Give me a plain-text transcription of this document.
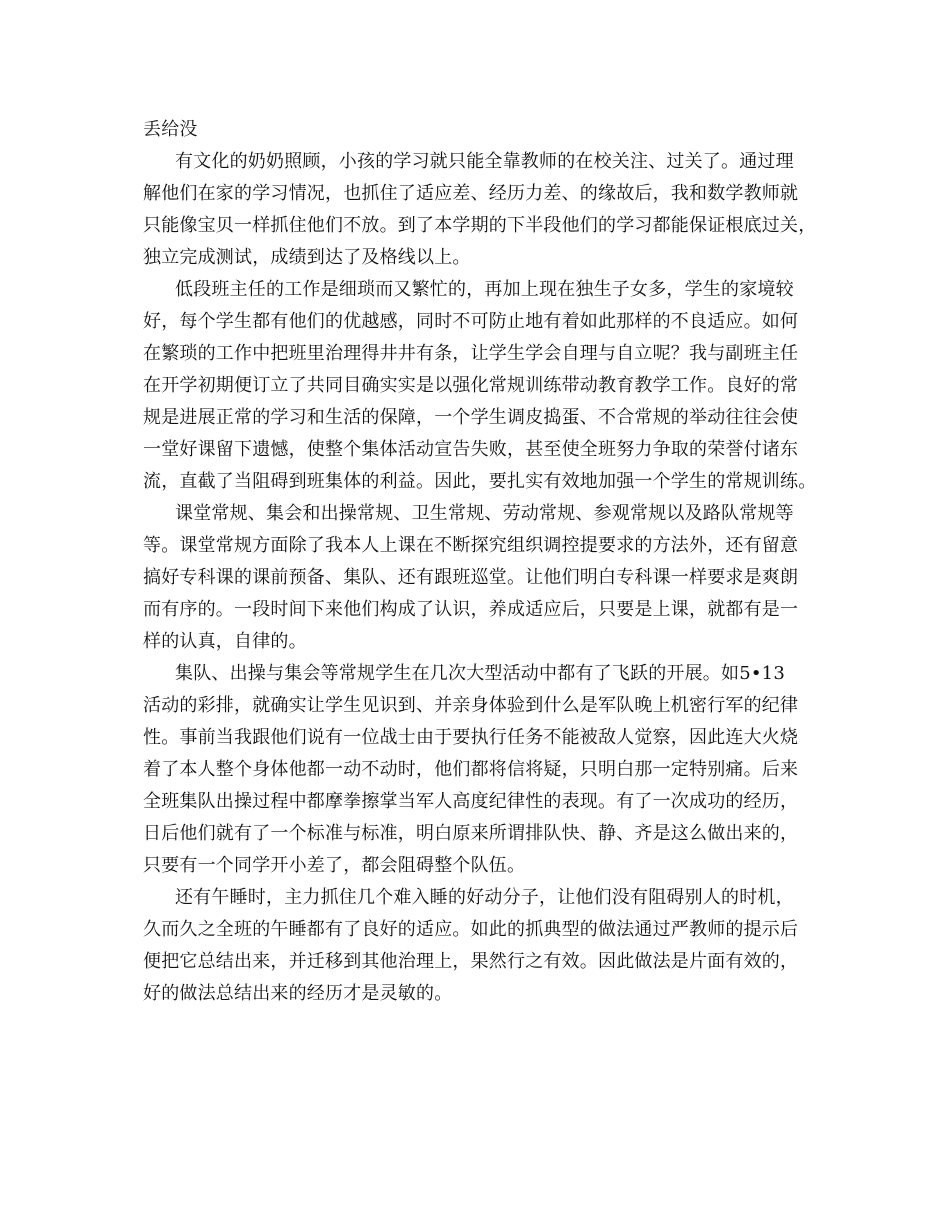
丢给没
有文化的奶奶照顾，小孩的学习就只能全靠教师的在校关注、过关了。通过理
解他们在家的学习情况，也抓住了适应差、经历力差、的缘故后，我和数学教师就
只能像宝贝一样抓住他们不放。到了本学期的下半段他们的学习都能保证根底过关，
独立完成测试，成绩到达了及格线以上。
低段班主任的工作是细琐而又繁忙的，再加上现在独生子女多，学生的家境较
好，每个学生都有他们的优越感，同时不可防止地有着如此那样的不良适应。如何
在繁琐的工作中把班里治理得井井有条，让学生学会自理与自立呢？我与副班主任
在开学初期便订立了共同目确实实是以强化常规训练带动教育教学工作。良好的常
规是进展正常的学习和生活的保障，一个学生调皮捣蛋、不合常规的举动往往会使
一堂好课留下遗憾，使整个集体活动宣告失败，甚至使全班努力争取的荣誉付诸东
流，直截了当阻碍到班集体的利益。因此，要扎实有效地加强一个学生的常规训练。
课堂常规、集会和出操常规、卫生常规、劳动常规、参观常规以及路队常规等
等。课堂常规方面除了我本人上课在不断探究组织调控提要求的方法外，还有留意
搞好专科课的课前预备、集队、还有跟班巡堂。让他们明白专科课一样要求是爽朗
而有序的。一段时间下来他们构成了认识，养成适应后，只要是上课，就都有是一
样的认真，自律的。
集队、出操与集会等常规学生在几次大型活动中都有了飞跃的开展。如5•13
活动的彩排，就确实让学生见识到、并亲身体验到什么是军队晚上机密行军的纪律
性。事前当我跟他们说有一位战士由于要执行任务不能被敌人觉察，因此连大火烧
着了本人整个身体他都一动不动时，他们都将信将疑，只明白那一定特别痛。后来
全班集队出操过程中都摩拳擦掌当军人高度纪律性的表现。有了一次成功的经历，
日后他们就有了一个标准与标准，明白原来所谓排队快、静、齐是这么做出来的，
只要有一个同学开小差了，都会阻碍整个队伍。
还有午睡时，主力抓住几个难入睡的好动分子，让他们没有阻碍别人的时机，
久而久之全班的午睡都有了良好的适应。如此的抓典型的做法通过严教师的提示后
便把它总结出来，并迁移到其他治理上，果然行之有效。因此做法是片面有效的，
好的做法总结出来的经历才是灵敏的。
